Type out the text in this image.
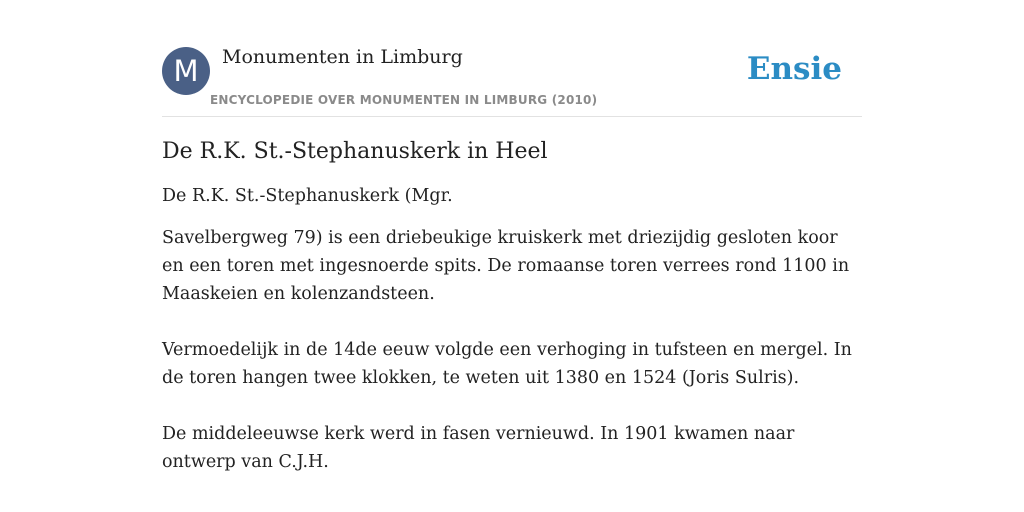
M	Monumenten in Limburg
ENCYCLOPEDIE OVER MONUMENTEN IN LIMBURG (2010)
Ensie
De R.K. St.-Stephanuskerk in Heel

De R.K. St.-Stephanuskerk (Mgr.

Savelbergweg 79) is een driebeukige kruiskerk met driezijdig gesloten koor en een toren met ingesnoerde spits. De romaanse toren verrees rond 1100 in Maaskeien en kolenzandsteen.

Vermoedelijk in de 14de eeuw volgde een verhoging in tufsteen en mergel. In de toren hangen twee klokken, te weten uit 1380 en 1524 (Joris Sulris).

De middeleeuwse kerk werd in fasen vernieuwd. In 1901 kwamen naar ontwerp van C.J.H.
